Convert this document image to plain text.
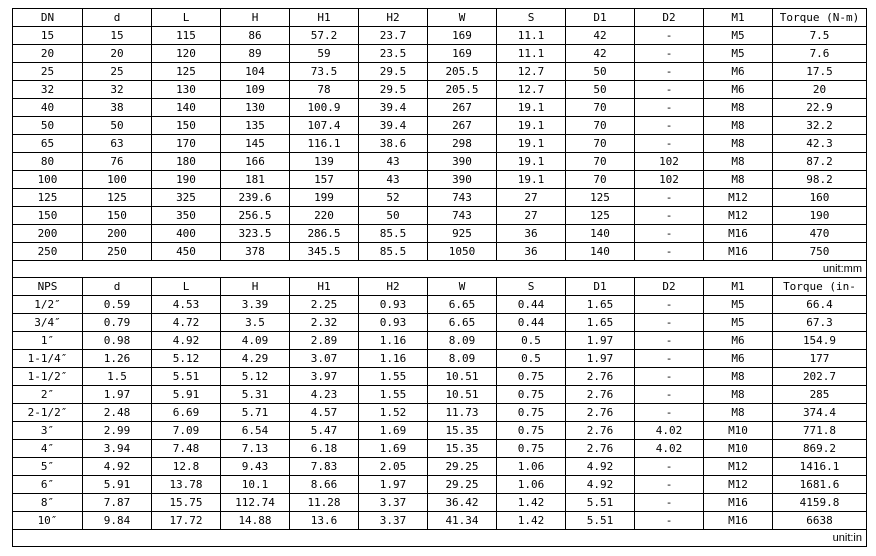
DN	d	L	H	H1	H2	W	S	D1	D2	M1	Torque (N-m)
15	15	115	86	57.2	23.7	169	11.1	42	-	M5	7.5
20	20	120	89	59	23.5	169	11.1	42	-	M5	7.6
25	25	125	104	73.5	29.5	205.5	12.7	50	-	M6	17.5
32	32	130	109	78	29.5	205.5	12.7	50	-	M6	20
40	38	140	130	100.9	39.4	267	19.1	70	-	M8	22.9
50	50	150	135	107.4	39.4	267	19.1	70	-	M8	32.2
65	63	170	145	116.1	38.6	298	19.1	70	-	M8	42.3
80	76	180	166	139	43	390	19.1	70	102	M8	87.2
100	100	190	181	157	43	390	19.1	70	102	M8	98.2
125	125	325	239.6	199	52	743	27	125	-	M12	160
150	150	350	256.5	220	50	743	27	125	-	M12	190
200	200	400	323.5	286.5	85.5	925	36	140	-	M16	470
250	250	450	378	345.5	85.5	1050	36	140	-	M16	750
unit:mm											
NPS	d	L	H	H1	H2	W	S	D1	D2	M1	Torque (in-
1/2″	0.59	4.53	3.39	2.25	0.93	6.65	0.44	1.65	-	M5	66.4
3/4″	0.79	4.72	3.5	2.32	0.93	6.65	0.44	1.65	-	M5	67.3
1″	0.98	4.92	4.09	2.89	1.16	8.09	0.5	1.97	-	M6	154.9
1-1/4″	1.26	5.12	4.29	3.07	1.16	8.09	0.5	1.97	-	M6	177
1-1/2″	1.5	5.51	5.12	3.97	1.55	10.51	0.75	2.76	-	M8	202.7
2″	1.97	5.91	5.31	4.23	1.55	10.51	0.75	2.76	-	M8	285
2-1/2″	2.48	6.69	5.71	4.57	1.52	11.73	0.75	2.76	-	M8	374.4
3″	2.99	7.09	6.54	5.47	1.69	15.35	0.75	2.76	4.02	M10	771.8
4″	3.94	7.48	7.13	6.18	1.69	15.35	0.75	2.76	4.02	M10	869.2
5″	4.92	12.8	9.43	7.83	2.05	29.25	1.06	4.92	-	M12	1416.1
6″	5.91	13.78	10.1	8.66	1.97	29.25	1.06	4.92	-	M12	1681.6
8″	7.87	15.75	112.74	11.28	3.37	36.42	1.42	5.51	-	M16	4159.8
10″	9.84	17.72	14.88	13.6	3.37	41.34	1.42	5.51	-	M16	6638
unit:in											
